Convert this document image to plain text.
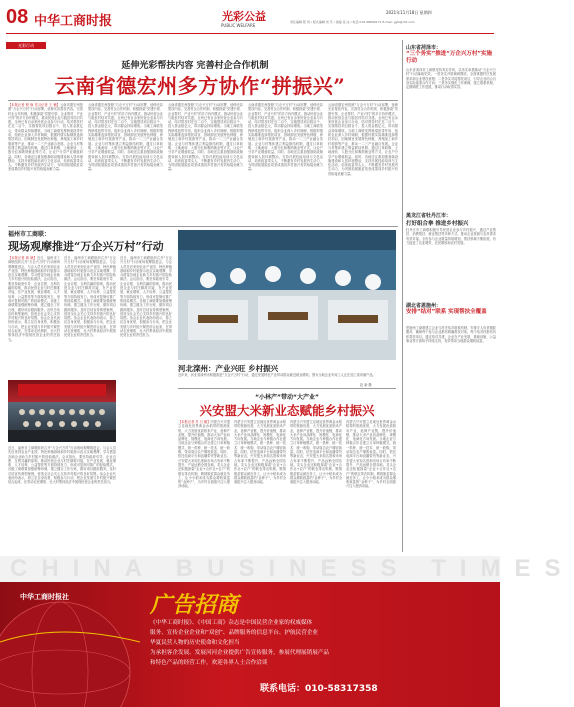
08 中华工商时报	光彩公益
PUBLIC WELFARE
2021年11月18日 星期四
责任编辑 陈 玥 / 版式编辑 刘 芳 / 美编 张 冰 / 电话 010-58699171 E-mail: gyb@cbt.com
光彩行动
延伸光彩帮扶内容 完善村企合作机制
云南省德宏州多方协作“拼振兴”
【本报记者 程 焕 见习记者 王 楠】云南省德宏州按照“万企兴万村”行动部署，延伸光彩帮扶内容，完善村企合作机制，积极探索“党建引领、企业帮村、产业兴村”的多方协作模式，推动民营企业与脱贫村结对共建。全州已有百余家民营企业参与行动，结对帮扶村庄近二百个，实施帮扶项目数百个，投入资金数亿元，带动群众持续增收。当地工商联发挥桥梁纽带作用，组织企业深入乡村调研，根据村情实际精准选择帮扶项目，因地制宜发展特色种植、养殖加工和乡村旅游等产业，推动一二三产业融合发展。企业与村集体建立利益联结机制，通过订单收购、土地流转、入股分红和吸纳就业等方式，让农户分享产业增值收益。同时，各地还注重加强基础设施建设和人居环境整治，支持开展技能培训与文化活动，培育致富带头人，不断激发乡村发展内生动力，为巩固拓展脱贫攻坚成果同乡村振兴有效衔接贡献力量。
云南省德宏州按照“万企兴万村”行动部署，延伸光彩帮扶内容，完善村企合作机制，积极探索“党建引领、企业帮村、产业兴村”的多方协作模式，推动民营企业与脱贫村结对共建。全州已有百余家民营企业参与行动，结对帮扶村庄近二百个，实施帮扶项目数百个，投入资金数亿元，带动群众持续增收。当地工商联发挥桥梁纽带作用，组织企业深入乡村调研，根据村情实际精准选择帮扶项目，因地制宜发展特色种植、养殖加工和乡村旅游等产业，推动一二三产业融合发展。企业与村集体建立利益联结机制，通过订单收购、土地流转、入股分红和吸纳就业等方式，让农户分享产业增值收益。同时，各地还注重加强基础设施建设和人居环境整治，支持开展技能培训与文化活动，培育致富带头人，不断激发乡村发展内生动力，为巩固拓展脱贫攻坚成果同乡村振兴有效衔接贡献力量。
云南省德宏州按照“万企兴万村”行动部署，延伸光彩帮扶内容，完善村企合作机制，积极探索“党建引领、企业帮村、产业兴村”的多方协作模式，推动民营企业与脱贫村结对共建。全州已有百余家民营企业参与行动，结对帮扶村庄近二百个，实施帮扶项目数百个，投入资金数亿元，带动群众持续增收。当地工商联发挥桥梁纽带作用，组织企业深入乡村调研，根据村情实际精准选择帮扶项目，因地制宜发展特色种植、养殖加工和乡村旅游等产业，推动一二三产业融合发展。企业与村集体建立利益联结机制，通过订单收购、土地流转、入股分红和吸纳就业等方式，让农户分享产业增值收益。同时，各地还注重加强基础设施建设和人居环境整治，支持开展技能培训与文化活动，培育致富带头人，不断激发乡村发展内生动力，为巩固拓展脱贫攻坚成果同乡村振兴有效衔接贡献力量。
云南省德宏州按照“万企兴万村”行动部署，延伸光彩帮扶内容，完善村企合作机制，积极探索“党建引领、企业帮村、产业兴村”的多方协作模式，推动民营企业与脱贫村结对共建。全州已有百余家民营企业参与行动，结对帮扶村庄近二百个，实施帮扶项目数百个，投入资金数亿元，带动群众持续增收。当地工商联发挥桥梁纽带作用，组织企业深入乡村调研，根据村情实际精准选择帮扶项目，因地制宜发展特色种植、养殖加工和乡村旅游等产业，推动一二三产业融合发展。企业与村集体建立利益联结机制，通过订单收购、土地流转、入股分红和吸纳就业等方式，让农户分享产业增值收益。同时，各地还注重加强基础设施建设和人居环境整治，支持开展技能培训与文化活动，培育致富带头人，不断激发乡村发展内生动力，为巩固拓展脱贫攻坚成果同乡村振兴有效衔接贡献力量。
云南省德宏州按照“万企兴万村”行动部署，延伸光彩帮扶内容，完善村企合作机制，积极探索“党建引领、企业帮村、产业兴村”的多方协作模式，推动民营企业与脱贫村结对共建。全州已有百余家民营企业参与行动，结对帮扶村庄近二百个，实施帮扶项目数百个，投入资金数亿元，带动群众持续增收。当地工商联发挥桥梁纽带作用，组织企业深入乡村调研，根据村情实际精准选择帮扶项目，因地制宜发展特色种植、养殖加工和乡村旅游等产业，推动一二三产业融合发展。企业与村集体建立利益联结机制，通过订单收购、土地流转、入股分红和吸纳就业等方式，让农户分享产业增值收益。同时，各地还注重加强基础设施建设和人居环境整治，支持开展技能培训与文化活动，培育致富带头人，不断激发乡村发展内生动力，为巩固拓展脱贫攻坚成果同乡村振兴有效衔接贡献力量。
福州市工商联：
现场观摩推进“万企兴万村”行动
【本报记者 林 晓】近日，福州市工商联组织召开“万企兴万村”行动现场观摩推进会，与会人员先后来到农业产业园、特色种植基地和乡村旅游示范点实地观摩，学习借鉴各地企业助力乡村振兴的经验做法。会议指出，要坚持政府引导、企业自愿、互利共赢的原则，推动民营企业与村庄精准对接，在产业发展、就业增收、人才培养、公益帮扶等方面持续发力，形成可复制可推广的经验模式。各级工商联要加强统筹协调，建立健全工作台账，做好项目跟踪服务，及时总结宣传典型案例，营造全社会关心支持乡村振兴的良好氛围。参会企业代表纷纷表示，将立足自身优势，积极参与行动，把企业发展与乡村振兴紧密结合起来，在带动农民增收、壮大村集体经济中展现民营企业的责任担当。
近日，福州市工商联组织召开“万企兴万村”行动现场观摩推进会，与会人员先后来到农业产业园、特色种植基地和乡村旅游示范点实地观摩，学习借鉴各地企业助力乡村振兴的经验做法。会议指出，要坚持政府引导、企业自愿、互利共赢的原则，推动民营企业与村庄精准对接，在产业发展、就业增收、人才培养、公益帮扶等方面持续发力，形成可复制可推广的经验模式。各级工商联要加强统筹协调，建立健全工作台账，做好项目跟踪服务，及时总结宣传典型案例，营造全社会关心支持乡村振兴的良好氛围。参会企业代表纷纷表示，将立足自身优势，积极参与行动，把企业发展与乡村振兴紧密结合起来，在带动农民增收、壮大村集体经济中展现民营企业的责任担当。
近日，福州市工商联组织召开“万企兴万村”行动现场观摩推进会，与会人员先后来到农业产业园、特色种植基地和乡村旅游示范点实地观摩，学习借鉴各地企业助力乡村振兴的经验做法。会议指出，要坚持政府引导、企业自愿、互利共赢的原则，推动民营企业与村庄精准对接，在产业发展、就业增收、人才培养、公益帮扶等方面持续发力，形成可复制可推广的经验模式。各级工商联要加强统筹协调，建立健全工作台账，做好项目跟踪服务，及时总结宣传典型案例，营造全社会关心支持乡村振兴的良好氛围。参会企业代表纷纷表示，将立足自身优势，积极参与行动，把企业发展与乡村振兴紧密结合起来，在带动农民增收、壮大村集体经济中展现民营企业的责任担当。
近日，福州市工商联组织召开“万企兴万村”行动现场观摩推进会，与会人员先后来到农业产业园、特色种植基地和乡村旅游示范点实地观摩，学习借鉴各地企业助力乡村振兴的经验做法。会议指出，要坚持政府引导、企业自愿、互利共赢的原则，推动民营企业与村庄精准对接，在产业发展、就业增收、人才培养、公益帮扶等方面持续发力，形成可复制可推广的经验模式。各级工商联要加强统筹协调，建立健全工作台账，做好项目跟踪服务，及时总结宣传典型案例，营造全社会关心支持乡村振兴的良好氛围。参会企业代表纷纷表示，将立足自身优势，积极参与行动，把企业发展与乡村振兴紧密结合起来，在带动农民增收、壮大村集体经济中展现民营企业的责任担当。
河北滦州：产业兴旺 乡村振兴
近年来，河北省滦州市积极推进“万企兴万村”行动，通过发展特色产业带动群众就近就业增收。图为当地企业车间工人正在加工食用菌产品。
赵 新 摄
“小林产”带动“大产业”
兴安盟大米新业态赋能乡村振兴
【本报记者 苏 日 娜】内蒙古兴安盟立足地处世界黄金水稻带的资源优势，大力发展优质稻米产业，延伸产业链，提升价值链，推动大米产业向品牌化、规模化、电商化方向发展。当地企业与种植合作社建立订单种植模式，统一供种、统一技术、统一收购，带动周边农户增收致富。同时，依托电商平台和直播带货等新业态，兴安盟大米知名度和市场占有率不断提升，产品远销全国各地。龙头企业还积极探索“企业+合作社+农户”的联农带农机制，吸纳脱贫群众就近务工，让小小稻米成为群众增收致富的“金种子”，为乡村全面振兴注入强劲动能。
内蒙古兴安盟立足地处世界黄金水稻带的资源优势，大力发展优质稻米产业，延伸产业链，提升价值链，推动大米产业向品牌化、规模化、电商化方向发展。当地企业与种植合作社建立订单种植模式，统一供种、统一技术、统一收购，带动周边农户增收致富。同时，依托电商平台和直播带货等新业态，兴安盟大米知名度和市场占有率不断提升，产品远销全国各地。龙头企业还积极探索“企业+合作社+农户”的联农带农机制，吸纳脱贫群众就近务工，让小小稻米成为群众增收致富的“金种子”，为乡村全面振兴注入强劲动能。
内蒙古兴安盟立足地处世界黄金水稻带的资源优势，大力发展优质稻米产业，延伸产业链，提升价值链，推动大米产业向品牌化、规模化、电商化方向发展。当地企业与种植合作社建立订单种植模式，统一供种、统一技术、统一收购，带动周边农户增收致富。同时，依托电商平台和直播带货等新业态，兴安盟大米知名度和市场占有率不断提升，产品远销全国各地。龙头企业还积极探索“企业+合作社+农户”的联农带农机制，吸纳脱贫群众就近务工，让小小稻米成为群众增收致富的“金种子”，为乡村全面振兴注入强劲动能。
内蒙古兴安盟立足地处世界黄金水稻带的资源优势，大力发展优质稻米产业，延伸产业链，提升价值链，推动大米产业向品牌化、规模化、电商化方向发展。当地企业与种植合作社建立订单种植模式，统一供种、统一技术、统一收购，带动周边农户增收致富。同时，依托电商平台和直播带货等新业态，兴安盟大米知名度和市场占有率不断提升，产品远销全国各地。龙头企业还积极探索“企业+合作社+农户”的联农带农机制，吸纳脱贫群众就近务工，让小小稻米成为群众增收致富的“金种子”，为乡村全面振兴注入强劲动能。
山东省菏泽市：
“三个务实”推进“万企兴万村”实施行动
山东省菏泽市工商联坚持务实作风，以务实举措推动“万企兴万村”行动落地见效。一是务实开展调研摸底，全面掌握村庄发展需求和企业帮扶意愿；二是务实对接帮扶项目，引导企业结合自身实际选准合作方向；三是务实强化工作保障，建立联系机制，定期调度工作进展，推动行动取得实效。
黑龙江省牡丹江市：
打好组合拳 推进乡村振兴
牡丹江市工商联积极引导民营企业参与乡村振兴，通过产业帮扶、消费帮扶、就业帮扶等多种方式，推动企业资源与农村需求有效对接。全市参与企业数量持续增加，帮扶领域不断拓展，有力促进了农业增效、农民增收和农村发展。
湖北省恩施州：
安排“结对”联系 实现帮扶全覆盖
恩施州工商联建立企业与村庄结对联系机制，安排专人负责跟踪服务，确保每个参与企业都有明确帮扶对象，每个结对村都有具体帮扶项目。通过结对共建，企业在产业发展、基础设施、公益事业等方面给予持续支持，有效带动当地群众增收致富。
CHINA BUSINESS TIMES
中华工商时报社	广告招商
《中华工商时报》、《中国工商》杂志是中国民营企业家的权威媒体
服务、宣传企业企业和“双创”、品牌服务的信息平台、护航民营企业
华夏民营人物的历史使命和文化担当
为承担客企发展、发展河河企业提供广告宣传服务，参展代理展销展产品
和特色产品的经营工作，欢迎各界人士合作洽谈
联系电话：010-58317358
